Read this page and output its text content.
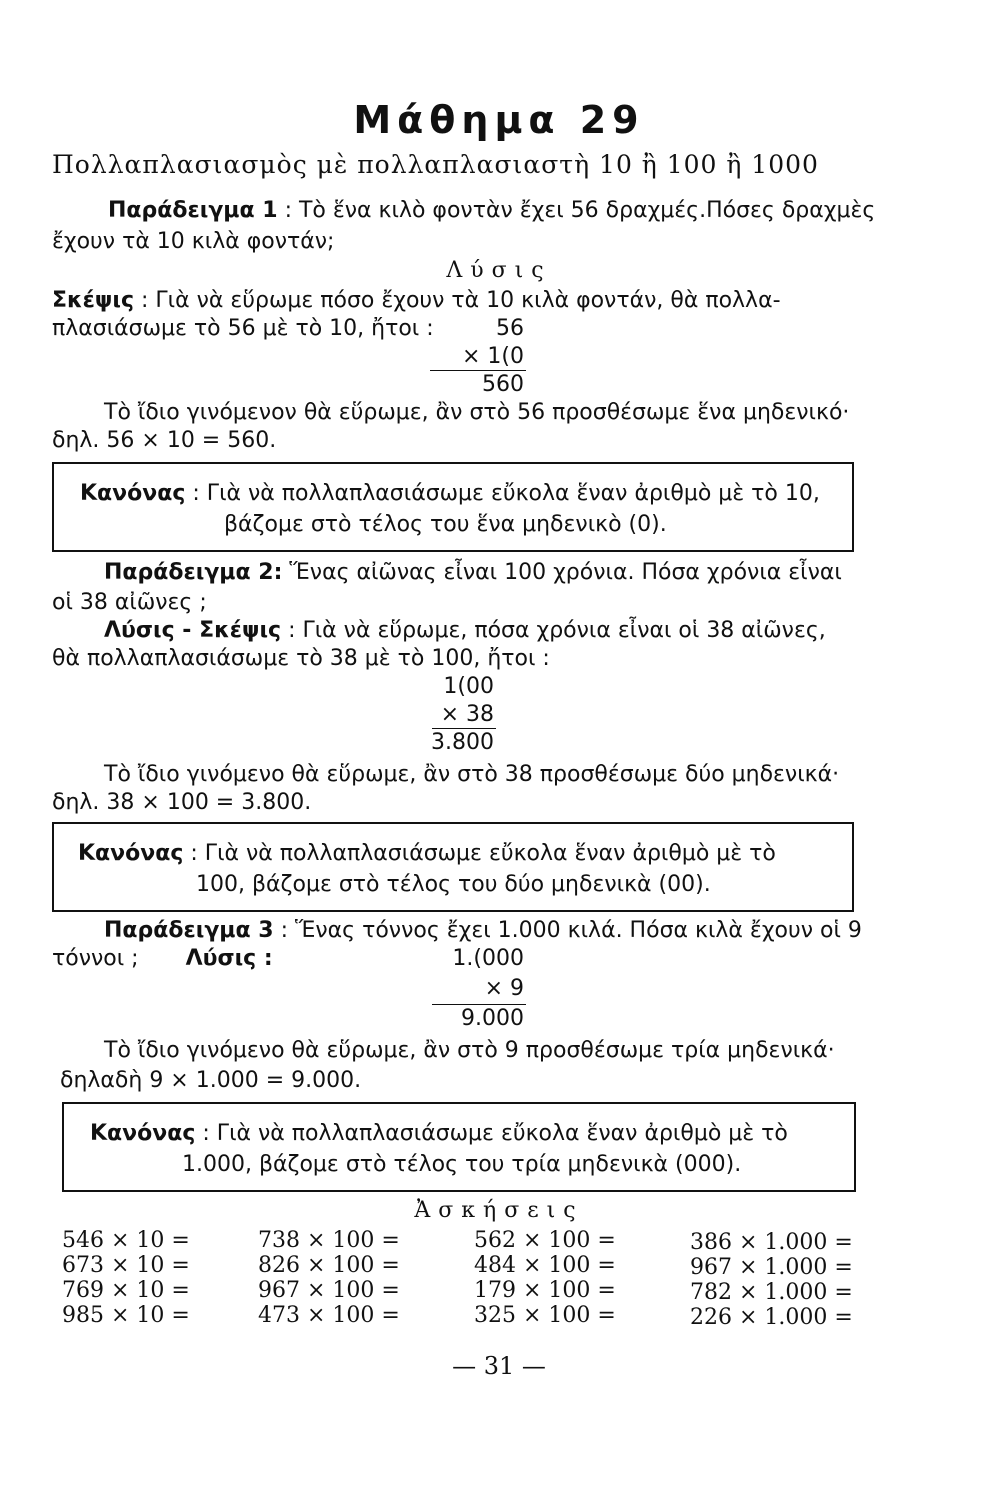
Μάθημα 29
Πολλαπλασιασμὸς μὲ πολλαπλασιαστὴ 10 ἢ 100 ἢ 1000
Παράδειγμα 1 : Τὸ ἕνα κιλὸ φοντὰν ἔχει 56 δραχμές.Πόσες δραχμὲς
ἔχουν τὰ 10 κιλὰ φοντάν;
Λύσις
Σκέψις : Γιὰ νὰ εὕρωμε πόσο ἔχουν τὰ 10 κιλὰ φοντάν, θὰ πολλα-
πλασιάσωμε τὸ 56 μὲ τὸ 10, ἤτοι :	56
× 1(0
560
Τὸ ἴδιο γινόμενον θὰ εὕρωμε, ἂν στὸ 56 προσθέσωμε ἕνα μηδενικό·
δηλ. 56 × 10 = 560.
Κανόνας : Γιὰ νὰ πολλαπλασιάσωμε εὔκολα ἕναν ἀριθμὸ μὲ τὸ 10,
βάζομε στὸ τέλος του ἕνα μηδενικὸ (0).
Παράδειγμα 2: Ἕνας αἰῶνας εἶναι 100 χρόνια. Πόσα χρόνια εἶναι
οἱ 38 αἰῶνες ;
Λύσις - Σκέψις : Γιὰ νὰ εὕρωμε, πόσα χρόνια εἶναι οἱ 38 αἰῶνες,
θὰ πολλαπλασιάσωμε τὸ 38 μὲ τὸ 100, ἤτοι :
1(00
× 38
3.800
Τὸ ἴδιο γινόμενο θὰ εὕρωμε, ἂν στὸ 38 προσθέσωμε δύο μηδενικά·
δηλ. 38 × 100 = 3.800.
Κανόνας : Γιὰ νὰ πολλαπλασιάσωμε εὔκολα ἕναν ἀριθμὸ μὲ τὸ
100, βάζομε στὸ τέλος του δύο μηδενικὰ (00).
Παράδειγμα 3 : Ἕνας τόννος ἔχει 1.000 κιλά. Πόσα κιλὰ ἔχουν οἱ 9
τόννοι ; Λύσις :	1.(000
× 9
9.000
Τὸ ἴδιο γινόμενο θὰ εὕρωμε, ἂν στὸ 9 προσθέσωμε τρία μηδενικά·
δηλαδὴ 9 × 1.000 = 9.000.
Κανόνας : Γιὰ νὰ πολλαπλασιάσωμε εὔκολα ἕναν ἀριθμὸ μὲ τὸ
1.000, βάζομε στὸ τέλος του τρία μηδενικὰ (000).
Ἀσκήσεις
546 × 10 =
673 × 10 =
769 × 10 =
985 × 10 =
738 × 100 =
826 × 100 =
967 × 100 =
473 × 100 =
562 × 100 =
484 × 100 =
179 × 100 =
325 × 100 =
386 × 1.000 =
967 × 1.000 =
782 × 1.000 =
226 × 1.000 =
— 31 —
